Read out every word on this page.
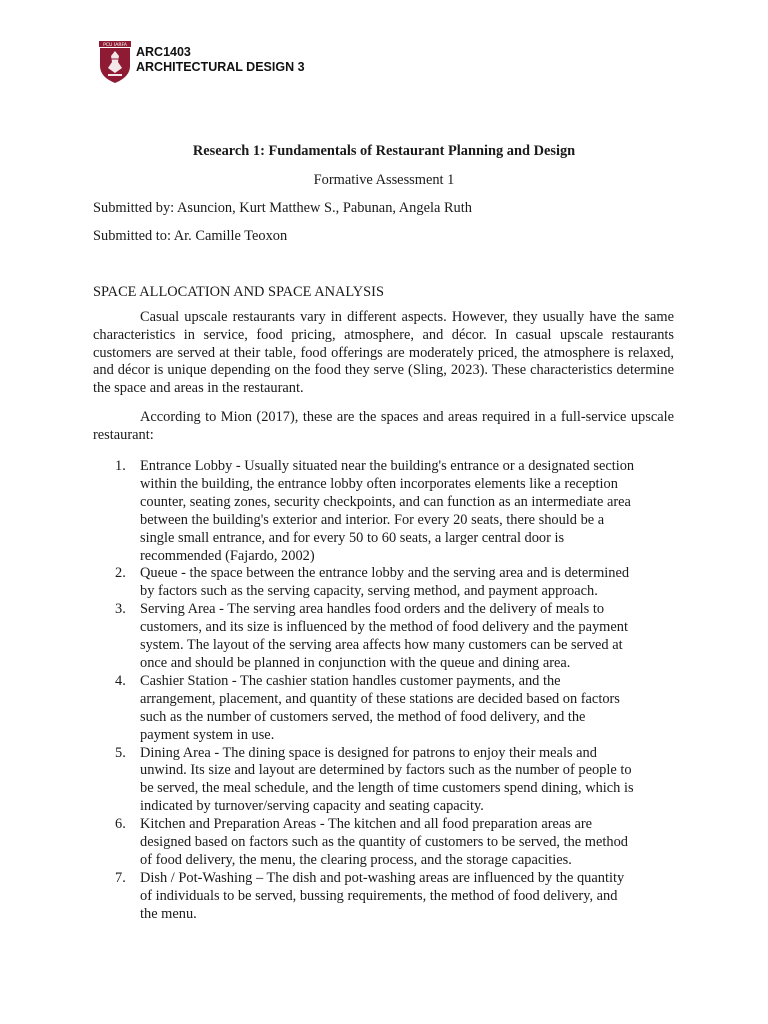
PCU IARFA ARC1403
ARCHITECTURAL DESIGN 3
Research 1: Fundamentals of Restaurant Planning and Design
Formative Assessment 1
Submitted by: Asuncion, Kurt Matthew S., Pabunan, Angela Ruth
Submitted to: Ar. Camille Teoxon
SPACE ALLOCATION AND SPACE ANALYSIS

Casual upscale restaurants vary in different aspects. However, they usually have the same characteristics in service, food pricing, atmosphere, and décor. In casual upscale restaurants customers are served at their table, food offerings are moderately priced, the atmosphere is relaxed, and décor is unique depending on the food they serve (Sling, 2023). These characteristics determine the space and areas in the restaurant.

According to Mion (2017), these are the spaces and areas required in a full-service upscale restaurant:

1. Entrance Lobby - Usually situated near the building's entrance or a designated section
within the building, the entrance lobby often incorporates elements like a reception
counter, seating zones, security checkpoints, and can function as an intermediate area
between the building's exterior and interior. For every 20 seats, there should be a
single small entrance, and for every 50 to 60 seats, a larger central door is
recommended (Fajardo, 2002)
2. Queue - the space between the entrance lobby and the serving area and is determined
by factors such as the serving capacity, serving method, and payment approach.
3. Serving Area - The serving area handles food orders and the delivery of meals to
customers, and its size is influenced by the method of food delivery and the payment
system. The layout of the serving area affects how many customers can be served at
once and should be planned in conjunction with the queue and dining area.
4. Cashier Station - The cashier station handles customer payments, and the
arrangement, placement, and quantity of these stations are decided based on factors
such as the number of customers served, the method of food delivery, and the
payment system in use.
5. Dining Area - The dining space is designed for patrons to enjoy their meals and
unwind. Its size and layout are determined by factors such as the number of people to
be served, the meal schedule, and the length of time customers spend dining, which is
indicated by turnover/serving capacity and seating capacity.
6. Kitchen and Preparation Areas - The kitchen and all food preparation areas are
designed based on factors such as the quantity of customers to be served, the method
of food delivery, the menu, the clearing process, and the storage capacities.
7. Dish / Pot-Washing – The dish and pot-washing areas are influenced by the quantity
of individuals to be served, bussing requirements, the method of food delivery, and
the menu.
